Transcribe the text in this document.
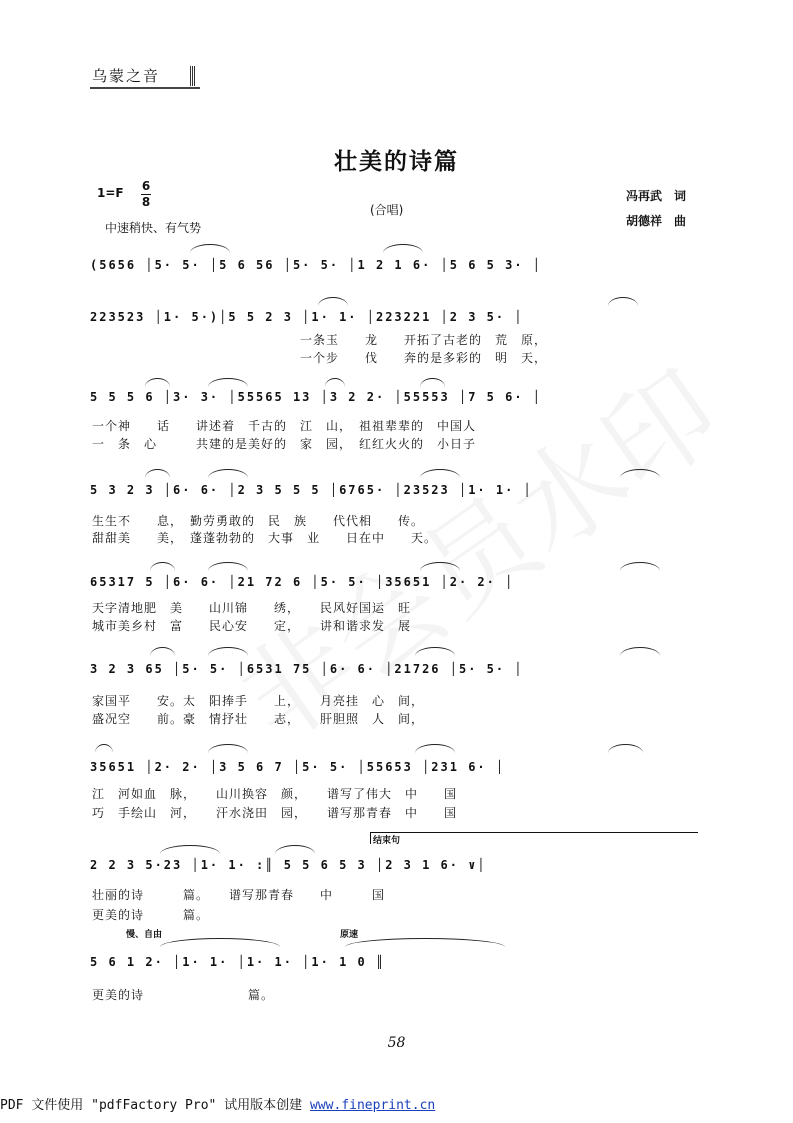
乌蒙之音
壮美的诗篇
1=F 6
8
中速稍快、有气势
(合唱)
冯再武　词
胡德祥　曲
(5656 │5· 5· │5 6 56 │5· 5· │1 2 1 6· │5 6 5 3· │
223523 │1· 5·)│5 5 2 3 │1· 1· │223221 │2 3 5· │
一条玉　　龙　　开拓了古老的　荒　原，
一个步　　伐　　奔的是多彩的　明　天，
5 5 5 6 │3· 3· │55565 13 │3 2 2· │55553 │7 5 6· │
一个神　　话　　讲述着　千古的　江　山，　祖祖辈辈的　中国人
一　条　心　　　共建的是美好的　家　园，　红红火火的　小日子
5 3 2 3 │6· 6· │2 3 5 5 5 │6765· │23523 │1· 1· │
生生不　　息，　勤劳勇敢的　民　族　　代代相　　传。
甜甜美　　美，　蓬蓬勃勃的　大事　业　　日在中　　天。
65317 5 │6· 6· │21 72 6 │5· 5· │35651 │2· 2· │
天字清地肥　美　　山川锦　　绣，　　民风好国运　旺
城市美乡村　富　　民心安　　定，　　讲和谐求发　展
3 2 3 65 │5· 5· │6531 75 │6· 6· │21726 │5· 5· │
家国平　　安。太　阳捧手　　上，　　月亮挂　心　间，
盛况空　　前。豪　情抒壮　　志，　　肝胆照　人　间，
35651 │2· 2· │3 5 6 7 │5· 5· │55653 │231 6· │
江　河如血　脉，　　山川换容　颜，　　谱写了伟大　中　　国
巧　手绘山　河，　　汗水浇田　园，　　谱写那青春　中　　国
结束句
2 2 3 5·23 │1· 1· :║ 5 5 6 5 3 │2 3 1 6· ∨│
壮丽的诗　　　篇。　　谱写那青春　　中　　　国
更美的诗　　　篇。
慢、自由	原速
5 6 1 2· │1· 1· │1· 1· │1· 1 0 ║
更美的诗　　　　　　　　篇。
58
PDF 文件使用 "pdfFactory Pro" 试用版本创建 www.fineprint.cn
